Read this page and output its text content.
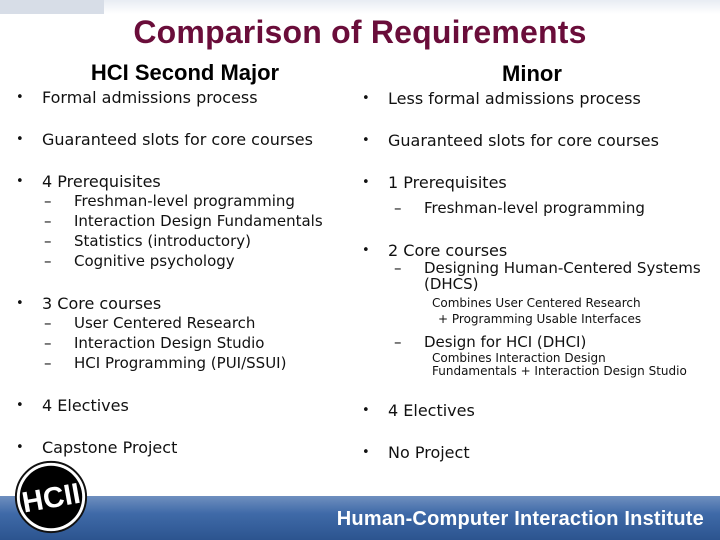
Comparison of Requirements
HCI Second Major	Minor
• Formal admissions process
• Guaranteed slots for core courses
• 4 Prerequisites
– Freshman-level programming
– Interaction Design Fundamentals
– Statistics (introductory)
– Cognitive psychology
• 3 Core courses
– User Centered Research
– Interaction Design Studio
– HCI Programming (PUI/SSUI)
• 4 Electives
• Capstone Project
• Less formal admissions process
• Guaranteed slots for core courses
• 1 Prerequisites
– Freshman-level programming
• 2 Core courses
– Designing Human-Centered Systems (DHCS)
Combines User Centered Research
+ Programming Usable Interfaces
– Design for HCI (DHCI)
Combines Interaction Design Fundamentals + Interaction Design Studio
• 4 Electives
• No Project
Human-Computer Interaction Institute
HCII
